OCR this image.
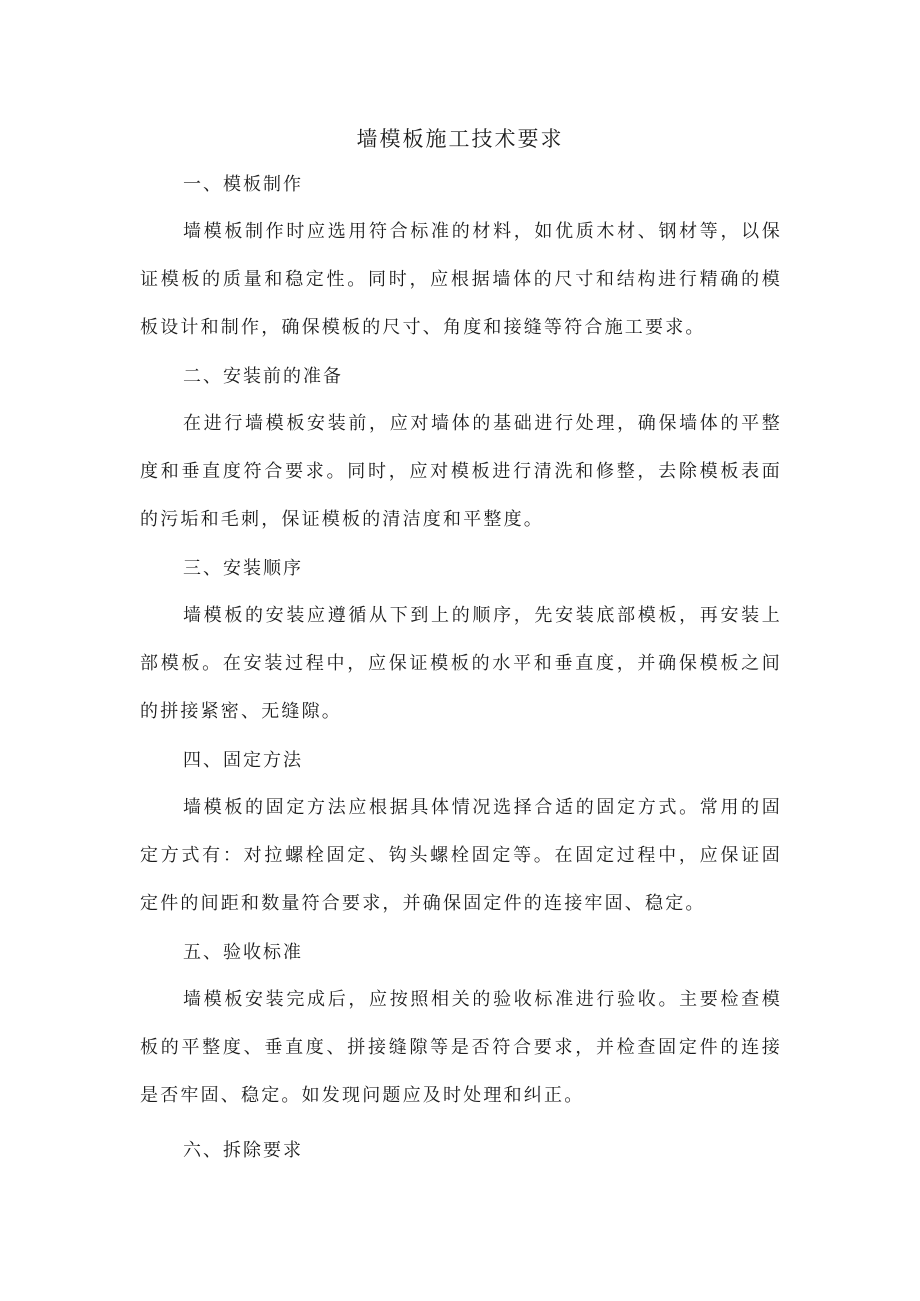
墙模板施工技术要求
一、模板制作

墙模板制作时应选用符合标准的材料，如优质木材、钢材等，以保证模板的质量和稳定性。同时，应根据墙体的尺寸和结构进行精确的模板设计和制作，确保模板的尺寸、角度和接缝等符合施工要求。

二、安装前的准备

在进行墙模板安装前，应对墙体的基础进行处理，确保墙体的平整度和垂直度符合要求。同时，应对模板进行清洗和修整，去除模板表面的污垢和毛刺，保证模板的清洁度和平整度。

三、安装顺序

墙模板的安装应遵循从下到上的顺序，先安装底部模板，再安装上部模板。在安装过程中，应保证模板的水平和垂直度，并确保模板之间的拼接紧密、无缝隙。

四、固定方法

墙模板的固定方法应根据具体情况选择合适的固定方式。常用的固定方式有：对拉螺栓固定、钩头螺栓固定等。在固定过程中，应保证固定件的间距和数量符合要求，并确保固定件的连接牢固、稳定。

五、验收标准

墙模板安装完成后，应按照相关的验收标准进行验收。主要检查模板的平整度、垂直度、拼接缝隙等是否符合要求，并检查固定件的连接是否牢固、稳定。如发现问题应及时处理和纠正。

六、拆除要求
